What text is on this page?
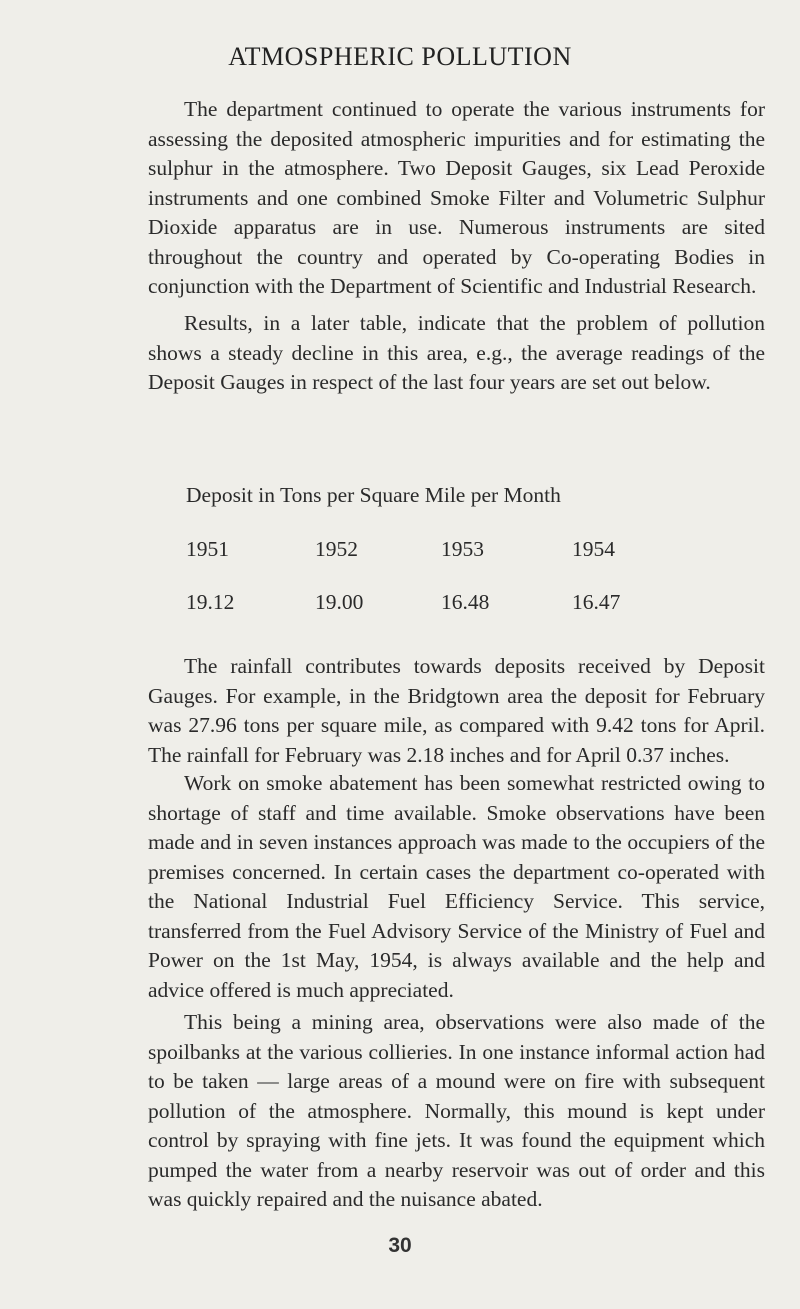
ATMOSPHERIC POLLUTION

The department continued to operate the various instruments for assessing the deposited atmospheric impurities and for estimating the sulphur in the atmosphere. Two Deposit Gauges, six Lead Peroxide instruments and one combined Smoke Filter and Volumetric Sulphur Dioxide apparatus are in use. Numerous instruments are sited throughout the country and operated by Co-operating Bodies in conjunction with the Department of Scientific and Industrial Research.

Results, in a later table, indicate that the problem of pollution shows a steady decline in this area, e.g., the average readings of the Deposit Gauges in respect of the last four years are set out below.

Deposit in Tons per Square Mile per Month
1951	1952	1953	1954
19.12	19.00	16.48	16.47

The rainfall contributes towards deposits received by Deposit Gauges. For example, in the Bridgtown area the deposit for February was 27.96 tons per square mile, as compared with 9.42 tons for April. The rainfall for February was 2.18 inches and for April 0.37 inches.

Work on smoke abatement has been somewhat restricted owing to shortage of staff and time available. Smoke observations have been made and in seven instances approach was made to the occupiers of the premises concerned. In certain cases the department co-operated with the National Industrial Fuel Efficiency Service. This service, transferred from the Fuel Advisory Service of the Ministry of Fuel and Power on the 1st May, 1954, is always available and the help and advice offered is much appreciated.

This being a mining area, observations were also made of the spoilbanks at the various collieries. In one instance informal action had to be taken — large areas of a mound were on fire with subsequent pollution of the atmosphere. Normally, this mound is kept under control by spraying with fine jets. It was found the equipment which pumped the water from a nearby reservoir was out of order and this was quickly repaired and the nuisance abated.

30
